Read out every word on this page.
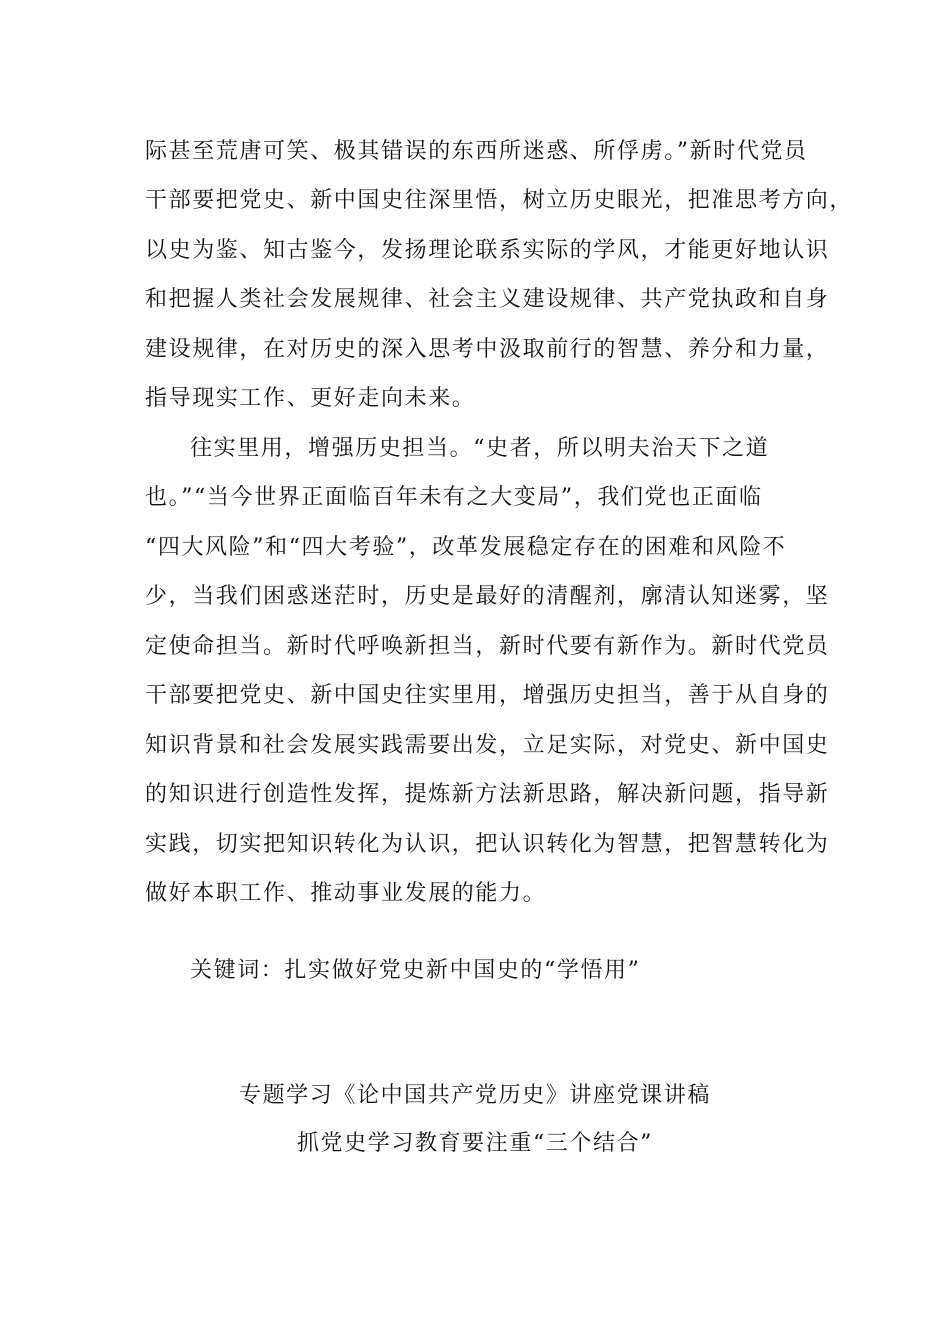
际甚至荒唐可笑、极其错误的东西所迷惑、所俘虏。”新时代党员
干部要把党史、新中国史往深里悟，树立历史眼光，把准思考方向，
以史为鉴、知古鉴今，发扬理论联系实际的学风，才能更好地认识
和把握人类社会发展规律、社会主义建设规律、共产党执政和自身
建设规律，在对历史的深入思考中汲取前行的智慧、养分和力量，
指导现实工作、更好走向未来。
往实里用，增强历史担当。“史者，所以明夫治天下之道
也。”“当今世界正面临百年未有之大变局”，我们党也正面临
“四大风险”和“四大考验”，改革发展稳定存在的困难和风险不
少，当我们困惑迷茫时，历史是最好的清醒剂，廓清认知迷雾，坚
定使命担当。新时代呼唤新担当，新时代要有新作为。新时代党员
干部要把党史、新中国史往实里用，增强历史担当，善于从自身的
知识背景和社会发展实践需要出发，立足实际，对党史、新中国史
的知识进行创造性发挥，提炼新方法新思路，解决新问题，指导新
实践，切实把知识转化为认识，把认识转化为智慧，把智慧转化为
做好本职工作、推动事业发展的能力。
关键词：扎实做好党史新中国史的“学悟用”
专题学习《论中国共产党历史》讲座党课讲稿
抓党史学习教育要注重“三个结合”
